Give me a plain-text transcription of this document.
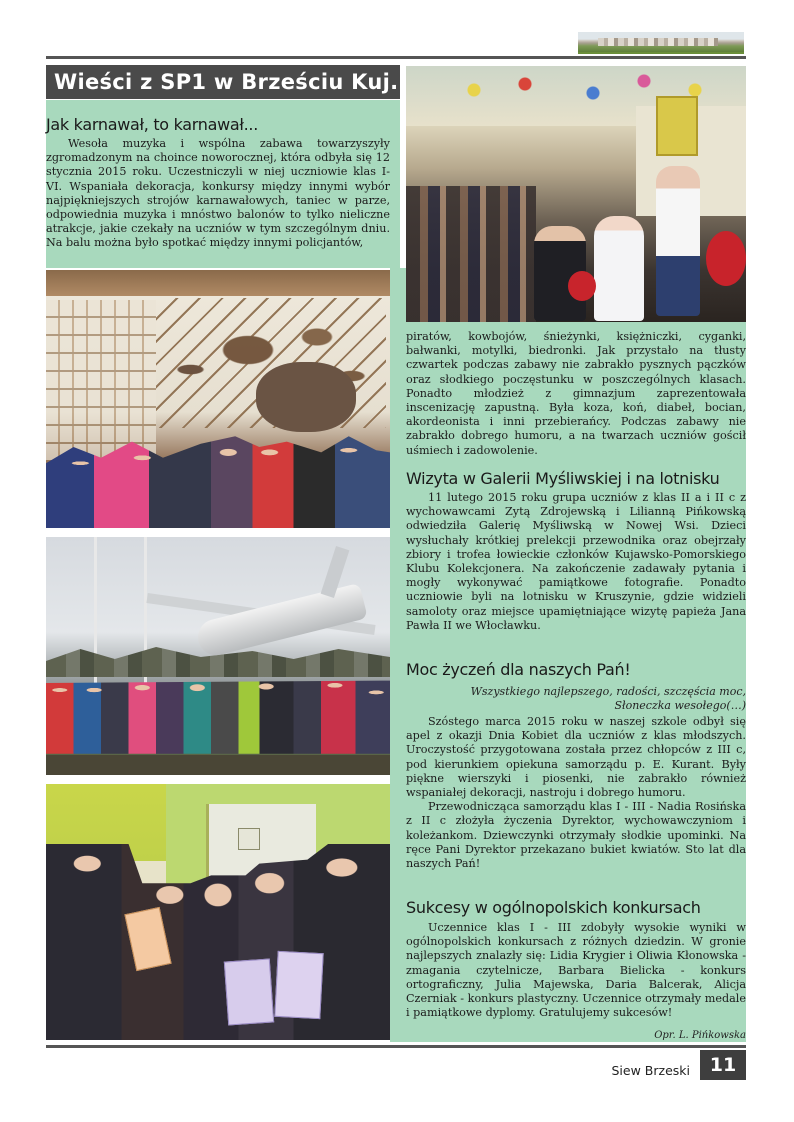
Wieści z SP1 w Brześciu Kuj.
Jak karnawał, to karnawał...

Wesoła muzyka i wspólna zabawa towarzyszyły zgromadzonym na choince noworocznej, która odbyła się 12 stycznia 2015 roku. Uczestniczyli w niej uczniowie klas I- VI. Wspaniała dekoracja, konkursy między innymi wybór najpiękniejszych strojów karnawałowych, taniec w parze, odpowiednia muzyka i mnóstwo balonów to tylko nieliczne atrakcje, jakie czekały na uczniów w tym szczególnym dniu. Na balu można było spotkać między innymi policjantów,

piratów, kowbojów, śnieżynki, księżniczki, cyganki, bałwanki, motylki, biedronki. Jak przystało na tłusty czwartek podczas zabawy nie zabrakło pysznych pączków oraz słodkiego poczęstunku w poszczególnych klasach. Ponadto młodzież z gimnazjum zaprezentowała inscenizację zapustną. Była koza, koń, diabeł, bocian, akordeonista i inni przebierańcy. Podczas zabawy nie zabrakło dobrego humoru, a na twarzach uczniów gościł uśmiech i zadowolenie.

Wizyta w Galerii Myśliwskiej i na lotnisku

11 lutego 2015 roku grupa uczniów z klas II a i II c z wychowawcami Zytą Zdrojewską i Lilianną Pińkowską odwiedziła Galerię Myśliwską w Nowej Wsi. Dzieci wysłuchały krótkiej prelekcji przewodnika oraz obejrzały zbiory i trofea łowieckie członków Kujawsko-Pomorskiego Klubu Kolekcjonera. Na zakończenie zadawały pytania i mogły wykonywać pamiątkowe fotografie. Ponadto uczniowie byli na lotnisku w Kruszynie, gdzie widzieli samoloty oraz miejsce upamiętniające wizytę papieża Jana Pawła II we Włocławku.

Moc życzeń dla naszych Pań!
Wszystkiego najlepszego, radości, szczęścia moc,
Słoneczka wesołego(…)

Szóstego marca 2015 roku w naszej szkole odbył się apel z okazji Dnia Kobiet dla uczniów z klas młodszych. Uroczystość przygotowana została przez chłopców z III c, pod kierunkiem opiekuna samorządu p. E. Kurant. Były piękne wierszyki i piosenki, nie zabrakło również wspaniałej dekoracji, nastroju i dobrego humoru.

Przewodnicząca samorządu klas I - III - Nadia Rosińska z II c złożyła życzenia Dyrektor, wychowawczyniom i koleżankom. Dziewczynki otrzymały słodkie upominki. Na ręce Pani Dyrektor przekazano bukiet kwiatów. Sto lat dla naszych Pań!

Sukcesy w ogólnopolskich konkursach

Uczennice klas I - III zdobyły wysokie wyniki w ogólnopolskich konkursach z różnych dziedzin. W gronie najlepszych znalazły się: Lidia Krygier i Oliwia Kłonowska - zmagania czytelnicze, Barbara Bielicka - konkurs ortograficzny, Julia Majewska, Daria Balcerak, Alicja Czerniak - konkurs plastyczny. Uczennice otrzymały medale i pamiątkowe dyplomy. Gratulujemy sukcesów!

Opr. L. Pińkowska
Siew Brzeski	11
